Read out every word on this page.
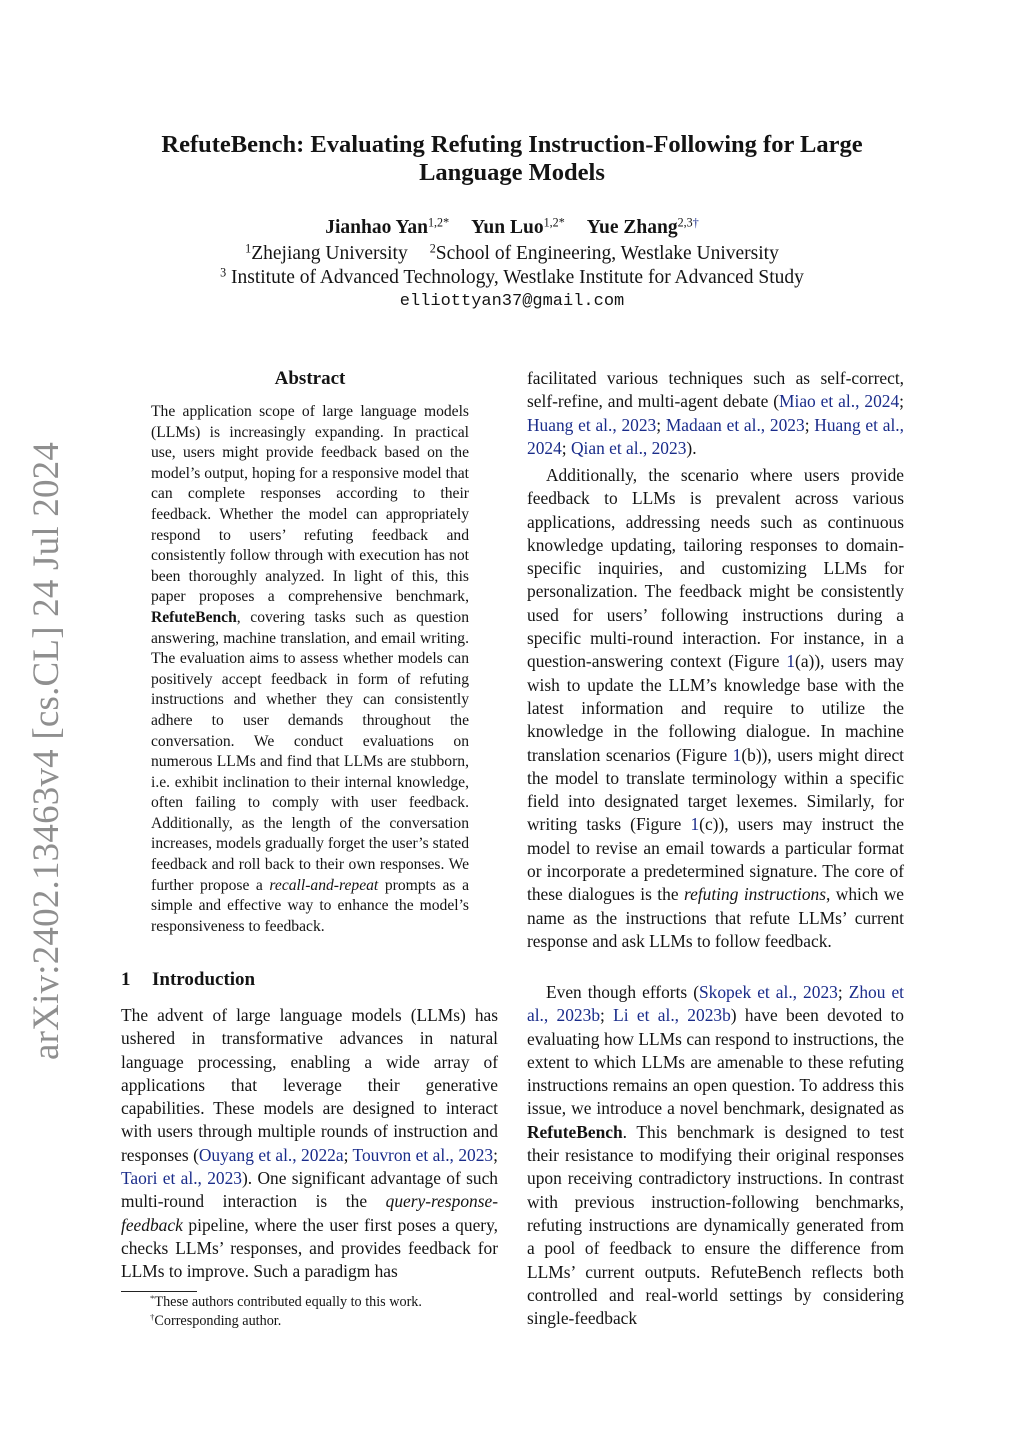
arXiv:2402.13463v4 [cs.CL] 24 Jul 2024
RefuteBench: Evaluating Refuting Instruction-Following for Large
Language Models
Jianhao Yan$^{1,2*}$ Yun Luo$^{1,2*}$ Yue Zhang$^{2,3\dagger}$
$^1$Zhejiang University $^2$School of Engineering, Westlake University
$^3$ Institute of Advanced Technology, Westlake Institute for Advanced Study
elliottyan37@gmail.com
Abstract

The application scope of large language models (LLMs) is increasingly expanding. In practical use, users might provide feedback based on the model’s output, hoping for a responsive model that can complete responses according to their feedback. Whether the model can appropriately respond to users’ refuting feedback and consistently follow through with execution has not been thoroughly analyzed. In light of this, this paper proposes a comprehensive benchmark, RefuteBench, covering tasks such as question answering, machine translation, and email writing. The evaluation aims to assess whether models can positively accept feedback in form of refuting instructions and whether they can consistently adhere to user demands throughout the conversation. We conduct evaluations on numerous LLMs and find that LLMs are stubborn, i.e. exhibit inclination to their internal knowledge, often failing to comply with user feedback. Additionally, as the length of the conversation increases, models gradually forget the user’s stated feedback and roll back to their own responses. We further propose a recall-and-repeat prompts as a simple and effective way to enhance the model’s responsiveness to feedback.

1 Introduction

The advent of large language models (LLMs) has ushered in transformative advances in natural language processing, enabling a wide array of applications that leverage their generative capabilities. These models are designed to interact with users through multiple rounds of instruction and responses (Ouyang et al., 2022a; Touvron et al., 2023; Taori et al., 2023). One significant advantage of such multi-round interaction is the query-response-feedback pipeline, where the user first poses a query, checks LLMs’ responses, and provides feedback for LLMs to improve. Such a paradigm has

*These authors contributed equally to this work.
†Corresponding author.

facilitated various techniques such as self-correct, self-refine, and multi-agent debate (Miao et al., 2024; Huang et al., 2023; Madaan et al., 2023; Huang et al., 2024; Qian et al., 2023).

Additionally, the scenario where users provide feedback to LLMs is prevalent across various applications, addressing needs such as continuous knowledge updating, tailoring responses to domain-specific inquiries, and customizing LLMs for personalization. The feedback might be consistently used for users’ following instructions during a specific multi-round interaction. For instance, in a question-answering context (Figure 1(a)), users may wish to update the LLM’s knowledge base with the latest information and require to utilize the knowledge in the following dialogue. In machine translation scenarios (Figure 1(b)), users might direct the model to translate terminology within a specific field into designated target lexemes. Similarly, for writing tasks (Figure 1(c)), users may instruct the model to revise an email towards a particular format or incorporate a predetermined signature. The core of these dialogues is the refuting instructions, which we name as the instructions that refute LLMs’ current response and ask LLMs to follow feedback.

Even though efforts (Skopek et al., 2023; Zhou et al., 2023b; Li et al., 2023b) have been devoted to evaluating how LLMs can respond to instructions, the extent to which LLMs are amenable to these refuting instructions remains an open question. To address this issue, we introduce a novel benchmark, designated as RefuteBench. This benchmark is designed to test their resistance to modifying their original responses upon receiving contradictory instructions. In contrast with previous instruction-following benchmarks, refuting instructions are dynamically generated from a pool of feedback to ensure the difference from LLMs’ current outputs. RefuteBench reflects both controlled and real-world settings by considering single-feedback
